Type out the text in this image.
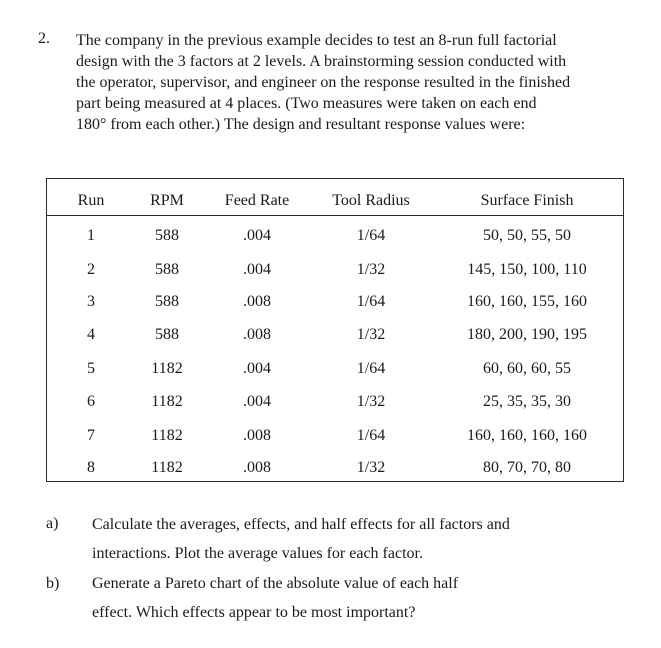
2. The company in the previous example decides to test an 8-run full factorial
design with the 3 factors at 2 levels. A brainstorming session conducted with
the operator, supervisor, and engineer on the response resulted in the finished
part being measured at 4 places. (Two measures were taken on each end
180° from each other.) The design and resultant response values were:
Run	RPM	Feed Rate	Tool Radius	Surface Finish
1	588	.004	1/64	50, 50, 55, 50
2	588	.004	1/32	145, 150, 100, 110
3	588	.008	1/64	160, 160, 155, 160
4	588	.008	1/32	180, 200, 190, 195
5	1182	.004	1/64	60, 60, 60, 55
6	1182	.004	1/32	25, 35, 35, 30
7	1182	.008	1/64	160, 160, 160, 160
8	1182	.008	1/32	80, 70, 70, 80
a) Calculate the averages, effects, and half effects for all factors and
interactions. Plot the average values for each factor.
b) Generate a Pareto chart of the absolute value of each half
effect. Which effects appear to be most important?
